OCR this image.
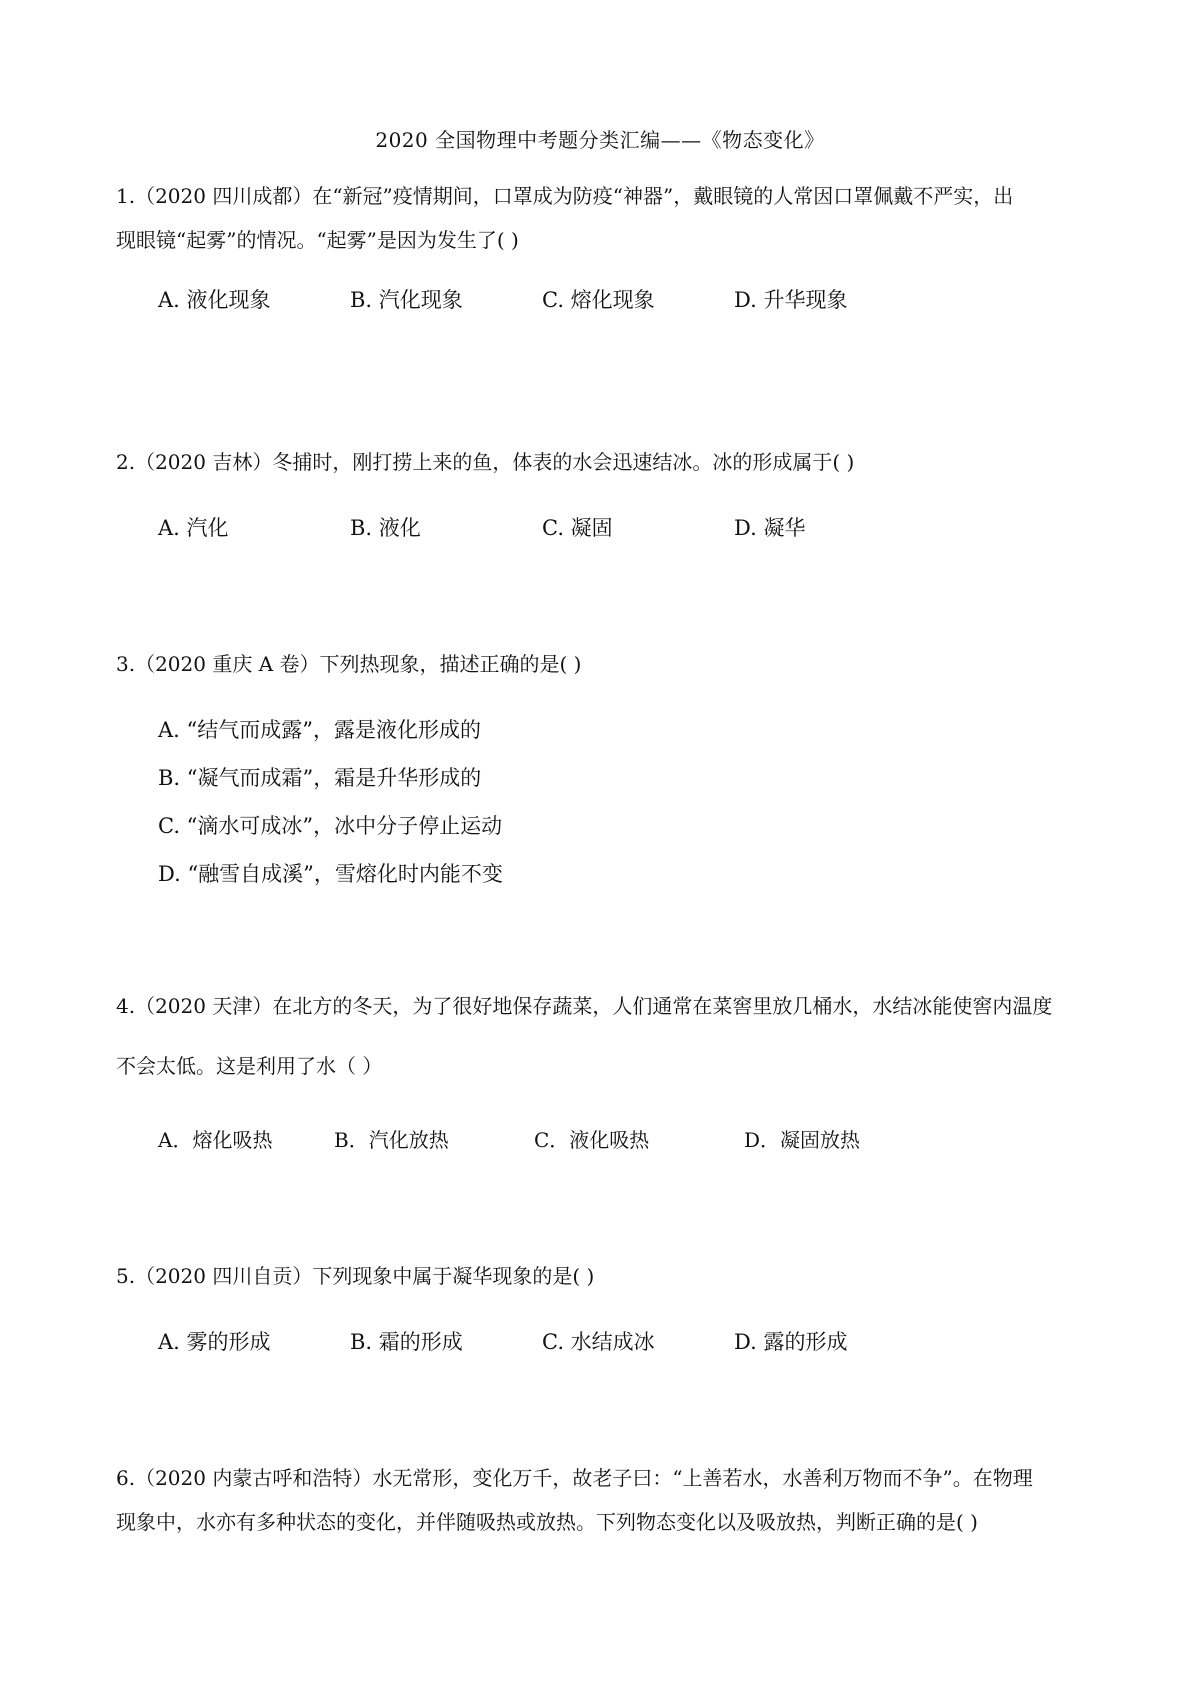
2020 全国物理中考题分类汇编——《物态变化》
1.（2020 四川成都）在“新冠”疫情期间，口罩成为防疫“神器”，戴眼镜的人常因口罩佩戴不严实，出
现眼镜“起雾”的情况。“起雾”是因为发生了( )
A. 液化现象	B. 汽化现象	C. 熔化现象	D. 升华现象
2.（2020 吉林）冬捕时，刚打捞上来的鱼，体表的水会迅速结冰。冰的形成属于( )
A. 汽化	B. 液化	C. 凝固	D. 凝华
3.（2020 重庆 A 卷）下列热现象，描述正确的是( )
A. “结气而成露”，露是液化形成的
B. “凝气而成霜”，霜是升华形成的
C. “滴水可成冰”，冰中分子停止运动
D. “融雪自成溪”，雪熔化时内能不变
4.（2020 天津）在北方的冬天，为了很好地保存蔬菜，人们通常在菜窖里放几桶水，水结冰能使窖内温度
不会太低。这是利用了水（ ）
A．熔化吸热	B．汽化放热	C．液化吸热	D．凝固放热
5.（2020 四川自贡）下列现象中属于凝华现象的是( )
A. 雾的形成	B. 霜的形成	C. 水结成冰	D. 露的形成
6.（2020 内蒙古呼和浩特）水无常形，变化万千，故老子曰：“上善若水，水善利万物而不争”。在物理
现象中，水亦有多种状态的变化，并伴随吸热或放热。下列物态变化以及吸放热，判断正确的是( )
